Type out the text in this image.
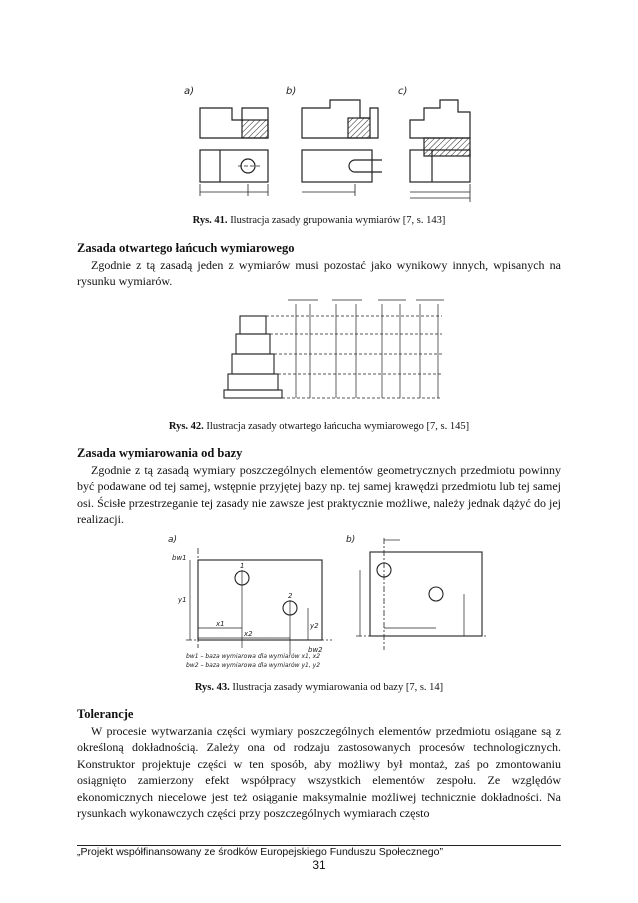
a)	b)	c)
Rys. 41. Ilustracja zasady grupowania wymiarów [7, s. 143]
Zasada otwartego łańcuch wymiarowego
Zgodnie z tą zasadą jeden z wymiarów musi pozostać jako wynikowy innych, wpisanych na rysunku wymiarów.
Rys. 42. Ilustracja zasady otwartego łańcucha wymiarowego [7, s. 145]
Zasada wymiarowania od bazy
Zgodnie z tą zasadą wymiary poszczególnych elementów geometrycznych przedmiotu powinny być podawane od tej samej, wstępnie przyjętej bazy np. tej samej krawędzi przedmiotu lub tej samej osi. Ścisłe przestrzeganie tej zasady nie zawsze jest praktycznie możliwe, należy jednak dążyć do jej realizacji.
a)	b)
bw1
y1
y2
x1
x2
bw2
1
2
bw1 – baza wymiarowa dla wymiarów x1, x2
bw2 – baza wymiarowa dla wymiarów y1, y2
Rys. 43. Ilustracja zasady wymiarowania od bazy [7, s. 14]
Tolerancje
W procesie wytwarzania części wymiary poszczególnych elementów przedmiotu osiągane są z określoną dokładnością. Zależy ona od rodzaju zastosowanych procesów technologicznych. Konstruktor projektuje części w ten sposób, aby możliwy był montaż, zaś po zmontowaniu osiągnięto zamierzony efekt współpracy wszystkich elementów zespołu. Ze względów ekonomicznych niecelowe jest też osiąganie maksymalnie możliwej technicznie dokładności. Na rysunkach wykonawczych części przy poszczególnych wymiarach często
„Projekt współfinansowany ze środków Europejskiego Funduszu Społecznego”
31
